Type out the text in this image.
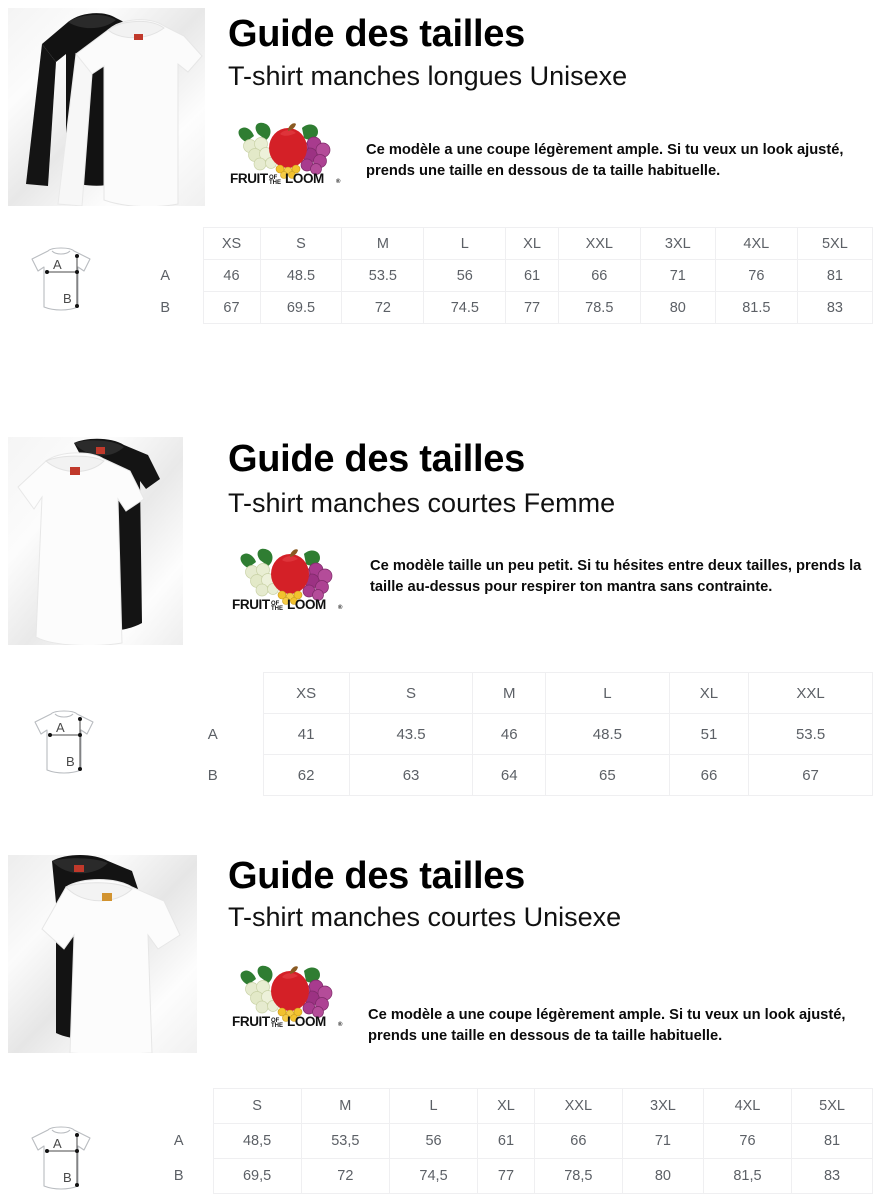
Guide des tailles
T-shirt manches longues Unisexe
FRUIT OF
THE LOOM ®
Ce modèle a une coupe légèrement ample. Si tu veux un look ajusté, prends une taille en dessous de ta taille habituelle.
A
B
	XS	S	M	L	XL	XXL	3XL	4XL	5XL
A	46	48.5	53.5	56	61	66	71	76	81
B	67	69.5	72	74.5	77	78.5	80	81.5	83
Guide des tailles
T-shirt manches courtes Femme
FRUIT OF
THE LOOM ®
Ce modèle taille un peu petit. Si tu hésites entre deux tailles, prends la taille au-dessus pour respirer ton mantra sans contrainte.
A
B
	XS	S	M	L	XL	XXL
A	41	43.5	46	48.5	51	53.5
B	62	63	64	65	66	67
Guide des tailles
T-shirt manches courtes Unisexe
FRUIT OF
THE LOOM ®
Ce modèle a une coupe légèrement ample. Si tu veux un look ajusté, prends une taille en dessous de ta taille habituelle.
A
B
	S	M	L	XL	XXL	3XL	4XL	5XL
A	48,5	53,5	56	61	66	71	76	81
B	69,5	72	74,5	77	78,5	80	81,5	83
